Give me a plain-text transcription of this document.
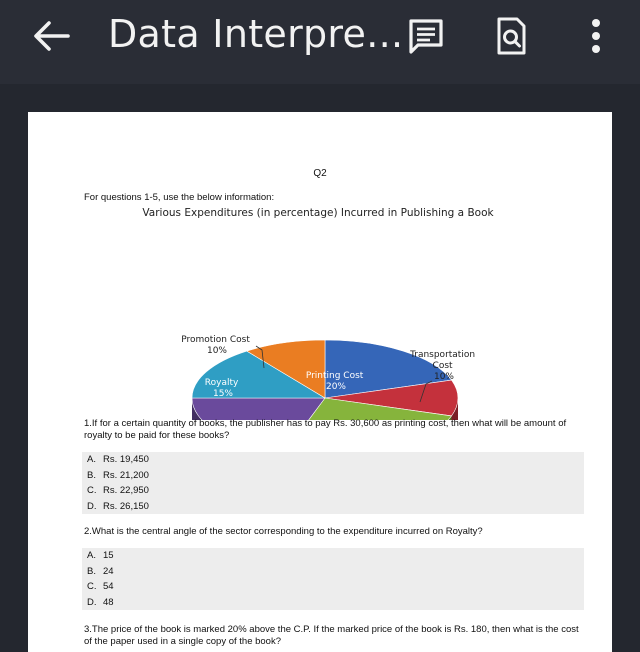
Data Interpre...
Q2
For questions 1-5, use the below information:
Various Expenditures (in percentage) Incurred in Publishing a Book
Printing Cost 20%
Royalty 15%
Promotion Cost 10%	Transportation Cost 10%
1.If for a certain quantity of books, the publisher has to pay Rs. 30,600 as printing cost, then what will be amount of royalty to be paid for these books?
A. Rs. 19,450
B. Rs. 21,200
C. Rs. 22,950
D. Rs. 26,150
2.What is the central angle of the sector corresponding to the expenditure incurred on Royalty?
A. 15
B. 24
C. 54
D. 48
3.The price of the book is marked 20% above the C.P. If the marked price of the book is Rs. 180, then what is the cost of the paper used in a single copy of the book?
